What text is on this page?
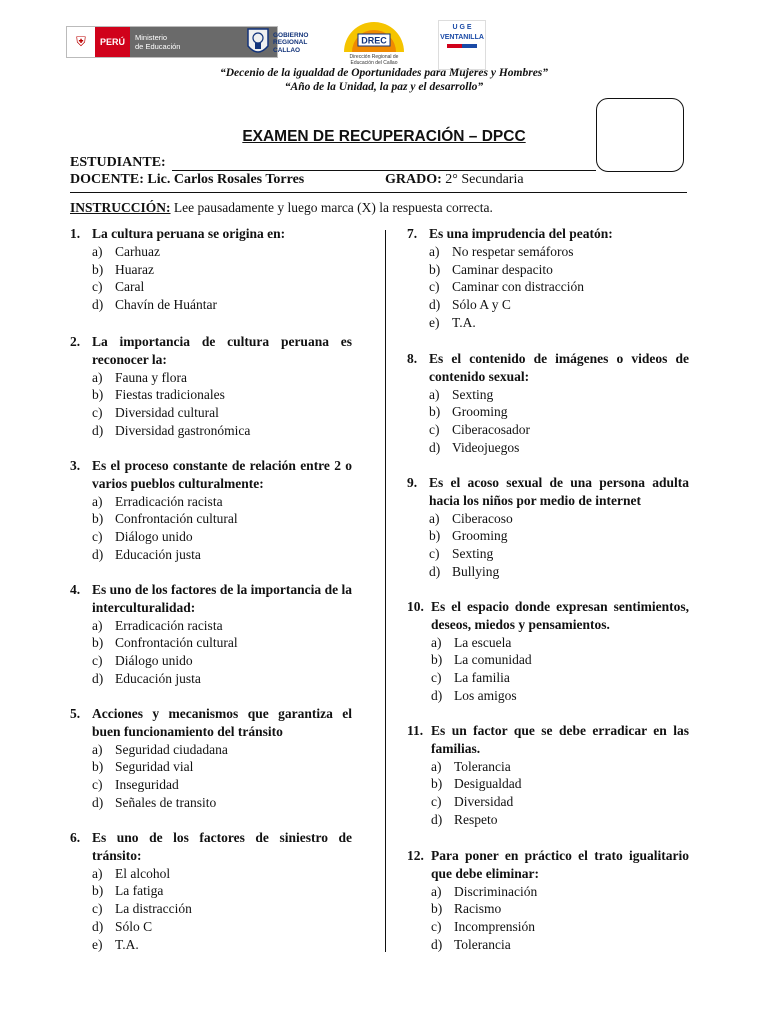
⛨	PERÚ	Ministerio
de Educación
GOBIERNO
REGIONAL
CALLAO
DREC
Dirección Regional de
Educación del Callao
U G E
VENTANILLA
“Decenio de la igualdad de Oportunidades para Mujeres y Hombres”
“Año de la Unidad, la paz y el desarrollo”
EXAMEN DE RECUPERACIÓN – DPCC
ESTUDIANTE:
DOCENTE: Lic. Carlos Rosales Torres	GRADO: 2° Secundaria
INSTRUCCIÓN: Lee pausadamente y luego marca (X) la respuesta correcta.
1. La cultura peruana se origina en:
a) Carhuaz
b) Huaraz
c) Caral
d) Chavín de Huántar
2. La importancia de cultura peruana es reconocer la:
a) Fauna y flora
b) Fiestas tradicionales
c) Diversidad cultural
d) Diversidad gastronómica
3. Es el proceso constante de relación entre 2 o varios pueblos culturalmente:
a) Erradicación racista
b) Confrontación cultural
c) Diálogo unido
d) Educación justa
4. Es uno de los factores de la importancia de la interculturalidad:
a) Erradicación racista
b) Confrontación cultural
c) Diálogo unido
d) Educación justa
5. Acciones y mecanismos que garantiza el buen funcionamiento del tránsito
a) Seguridad ciudadana
b) Seguridad vial
c) Inseguridad
d) Señales de transito
6. Es uno de los factores de siniestro de tránsito:
a) El alcohol
b) La fatiga
c) La distracción
d) Sólo C
e) T.A.
7. Es una imprudencia del peatón:
a) No respetar semáforos
b) Caminar despacito
c) Caminar con distracción
d) Sólo A y C
e) T.A.
8. Es el contenido de imágenes o videos de contenido sexual:
a) Sexting
b) Grooming
c) Ciberacosador
d) Videojuegos
9. Es el acoso sexual de una persona adulta hacia los niños por medio de internet
a) Ciberacoso
b) Grooming
c) Sexting
d) Bullying
10. Es el espacio donde expresan sentimientos, deseos, miedos y pensamientos.
a) La escuela
b) La comunidad
c) La familia
d) Los amigos
11. Es un factor que se debe erradicar en las familias.
a) Tolerancia
b) Desigualdad
c) Diversidad
d) Respeto
12. Para poner en práctico el trato igualitario que debe eliminar:
a) Discriminación
b) Racismo
c) Incomprensión
d) Tolerancia
